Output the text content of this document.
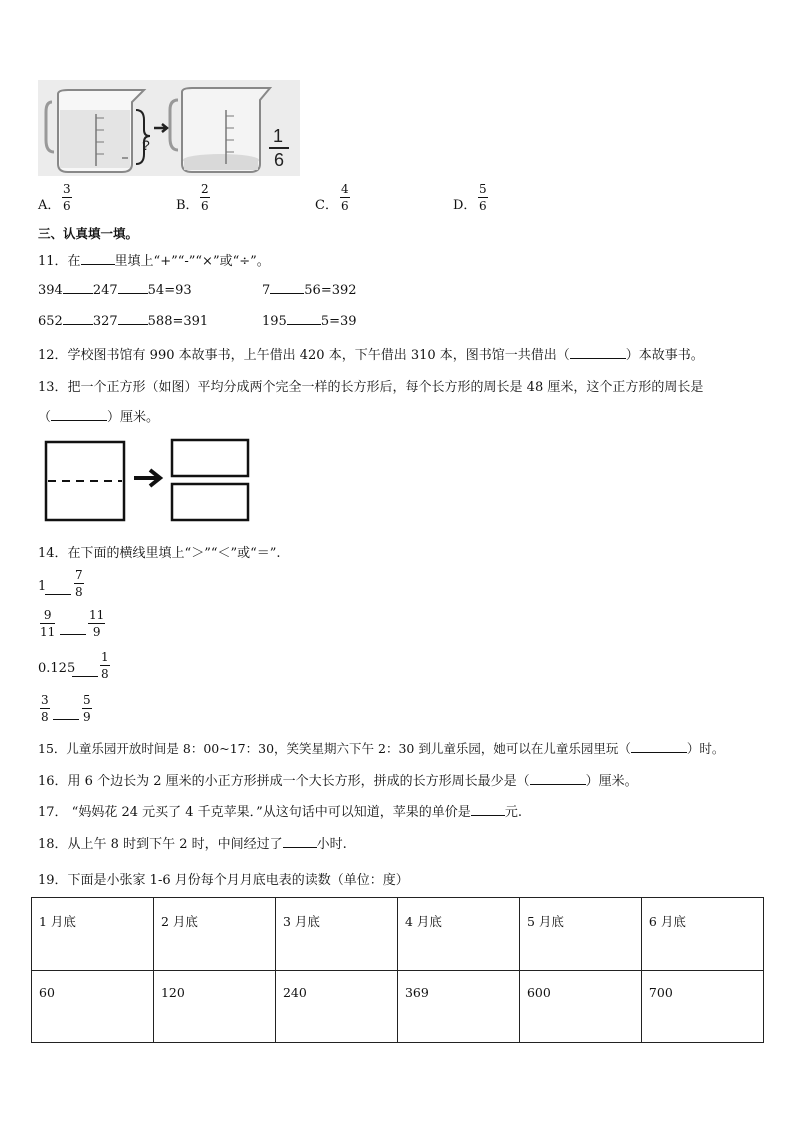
?	1
6
A． $\frac{3}{6}$	B． $\frac{2}{6}$	C． $\frac{4}{6}$	D． $\frac{5}{6}$
三、认真填一填。
11．在	里填上“+”“-”“×”或“÷”。
394 247 54=93	7	56=392
652 327 588=391	195	5=39
12．学校图书馆有 990 本故事书，上午借出 420 本，下午借出 310 本，图书馆一共借出（	）本故事书。
13．把一个正方形（如图）平均分成两个完全一样的长方形后，每个长方形的周长是 48 厘米，这个正方形的周长是
（	）厘米。
14．在下面的横线里填上“＞”“＜”或“＝”.
$1 \frac{7}{8}$
$\frac{9}{11}$	$\frac{11}{9}$
$0.125 \frac{1}{8}$
$\frac{3}{8}$	$\frac{5}{9}$
15．儿童乐园开放时间是 8：00~17：30，笑笑星期六下午 2：30 到儿童乐园，她可以在儿童乐园里玩（	）时。
16．用 6 个边长为 2 厘米的小正方形拼成一个大长方形，拼成的长方形周长最少是（	）厘米。
17． “妈妈花 24 元买了 4 千克苹果．”从这句话中可以知道，苹果的单价是	元.
18．从上午 8 时到下午 2 时，中间经过了	小时.
19．下面是小张家 1-6 月份每个月月底电表的读数（单位：度）
1 月底	2 月底	3 月底	4 月底	5 月底	6 月底
60	120	240	369	600	700
